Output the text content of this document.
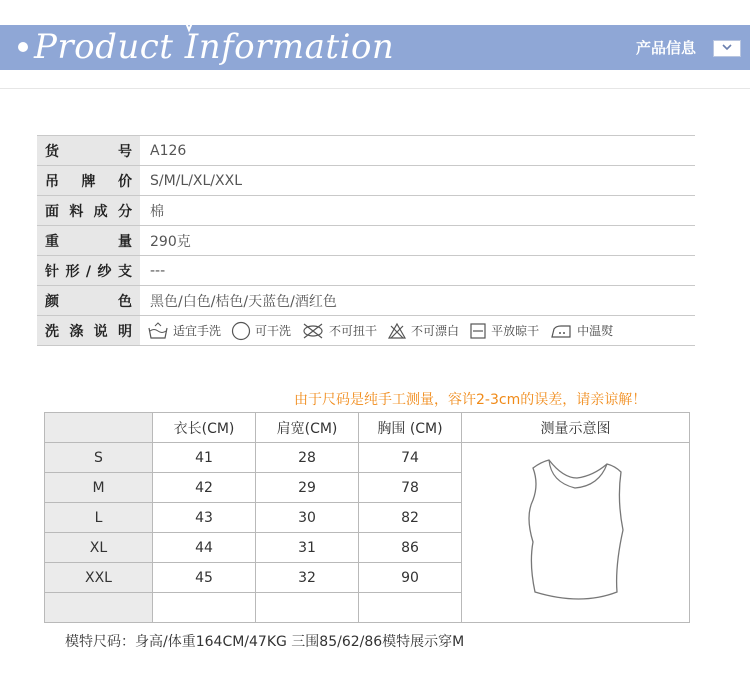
Product Information	产品信息
货号 A126
吊牌价 S/M/L/XL/XXL
面料成分 棉
重量 290克
针形/纱支 ---
颜色 黑色/白色/桔色/天蓝色/酒红色
洗涤说明	适宜手洗	可干洗	不可扭干	不可漂白	平放晾干	中温熨
由于尺码是纯手工测量，容许2-3cm的误差，请亲谅解！
	衣长(CM)	肩宽(CM)	胸围 (CM)	测量示意图
S	41	28	74	
M	42	29	78	
L	43	30	82	
XL	44	31	86	
XXL	45	32	90	

模特尺码：身高/体重164CM/47KG 三围85/62/86模特展示穿M
